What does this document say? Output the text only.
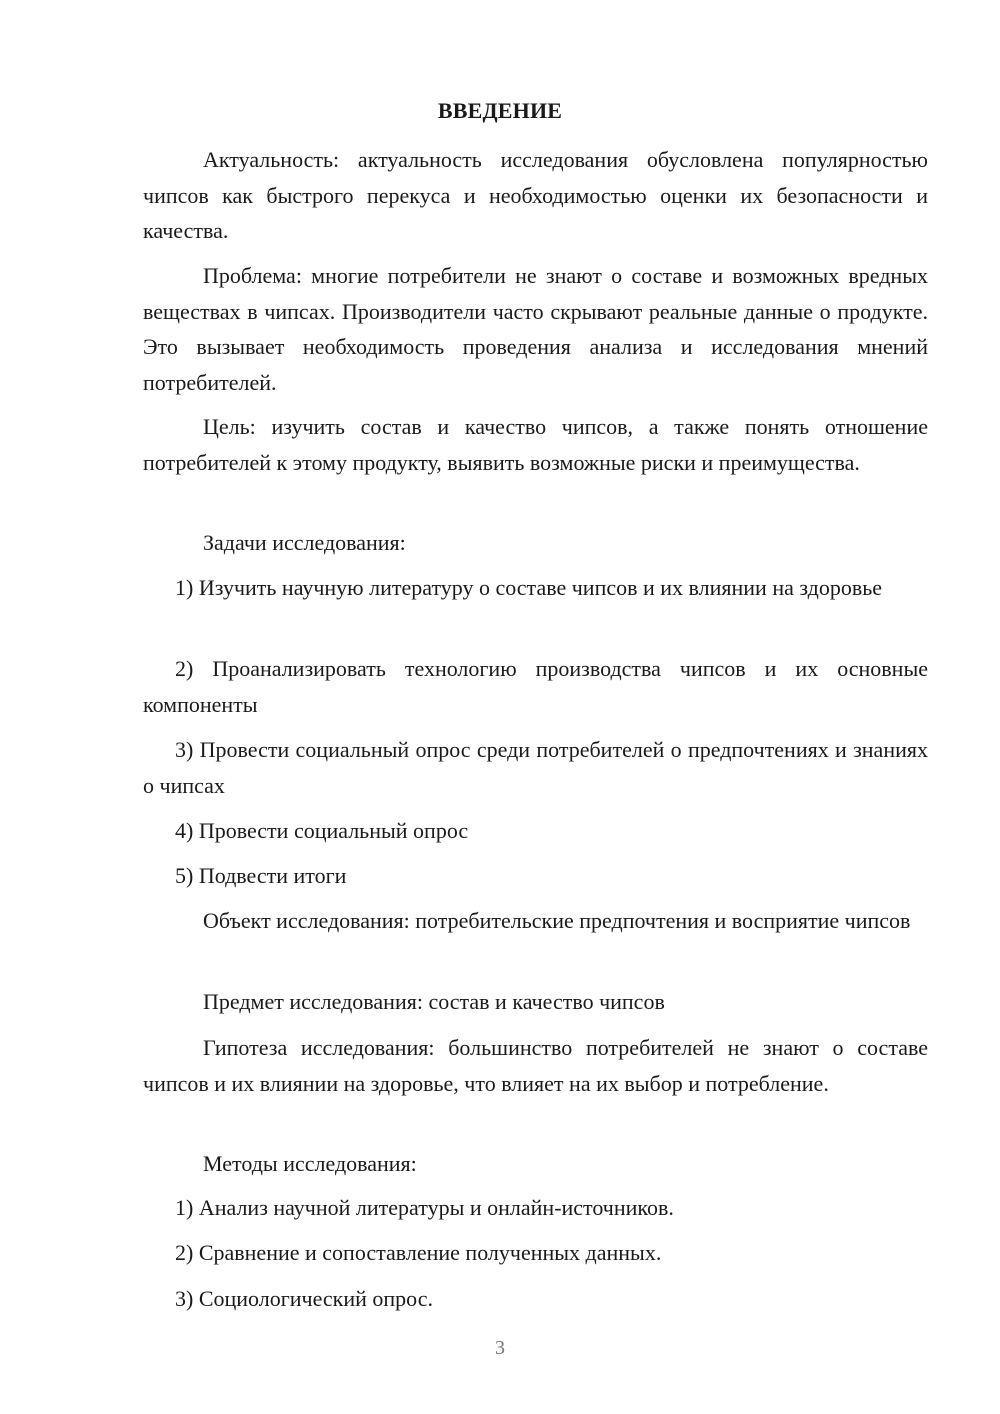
ВВЕДЕНИЕ

Актуальность: актуальность исследования обусловлена популярностью чипсов как быстрого перекуса и необходимостью оценки их безопасности и качества.

Проблема: многие потребители не знают о составе и возможных вредных веществах в чипсах. Производители часто скрывают реальные данные о продукте. Это вызывает необходимость проведения анализа и исследования мнений потребителей.

Цель: изучить состав и качество чипсов, а также понять отношение потребителей к этому продукту, выявить возможные риски и преимущества.

Задачи исследования:

1) Изучить научную литературу о составе чипсов и их влиянии на здоровье

2) Проанализировать технологию производства чипсов и их основные компоненты

3) Провести социальный опрос среди потребителей о предпочтениях и знаниях о чипсах

4) Провести социальный опрос

5) Подвести итоги

Объект исследования: потребительские предпочтения и восприятие чипсов

Предмет исследования: состав и качество чипсов

Гипотеза исследования: большинство потребителей не знают о составе чипсов и их влиянии на здоровье, что влияет на их выбор и потребление.

Методы исследования:

1) Анализ научной литературы и онлайн-источников.

2) Сравнение и сопоставление полученных данных.

3) Социологический опрос.

3
